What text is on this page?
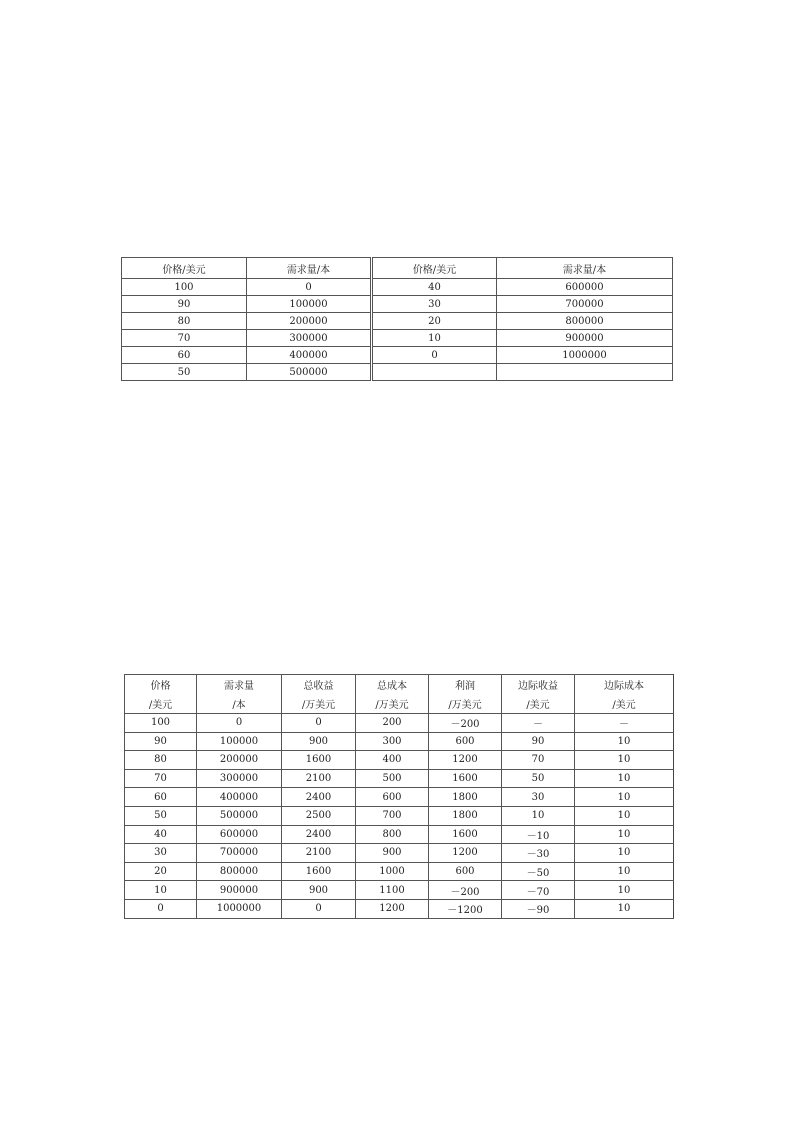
价格/美元	需求量/本	价格/美元	需求量/本
100	0	40	600000
90	100000	30	700000
80	200000	20	800000
70	300000	10	900000
60	400000	0	1000000
50	500000		
价格	需求量	总收益	总成本	利润	边际收益	边际成本
/美元	/本	/万美元	/万美元	/万美元	/美元	/美元
100	0	0	200	－200	－	－
90	100000	900	300	600	90	10
80	200000	1600	400	1200	70	10
70	300000	2100	500	1600	50	10
60	400000	2400	600	1800	30	10
50	500000	2500	700	1800	10	10
40	600000	2400	800	1600	－10	10
30	700000	2100	900	1200	－30	10
20	800000	1600	1000	600	－50	10
10	900000	900	1100	－200	－70	10
0	1000000	0	1200	－1200	－90	10
